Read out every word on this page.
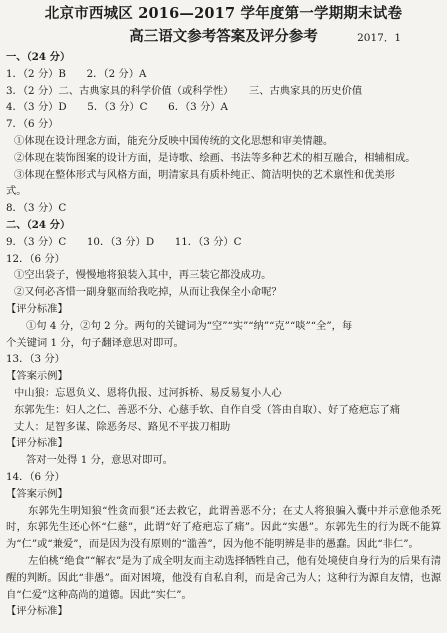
北京市西城区 2016—2017 学年度第一学期期末试卷
高三语文参考答案及评分参考	2017．1
一、（24 分）
1．（2 分）B　　2．（2 分）A
3．（2 分）二、古典家具的科学价值（或科学性）　　三、古典家具的历史价值
4．（3 分）D　　5．（3 分）C　　6．（3 分）A
7．（6 分）
①体现在设计理念方面，能充分反映中国传统的文化思想和审美情趣。
②体现在装饰图案的设计方面，是诗歌、绘画、书法等多种艺术的相互融合，相辅相成。
③体现在整体形式与风格方面，明清家具有质朴纯正、简洁明快的艺术禀性和优美形
式。
8．（3 分）C
二、（24 分）
9．（3 分）C　　10．（3 分）D　　11．（3 分）C
12．（6 分）
①空出袋子，慢慢地将狼装入其中，再三装它都没成功。
②又何必吝惜一副身躯而给我吃掉，从而让我保全小命呢？
【评分标准】
①句 4 分，②句 2 分。两句的关键词为“空”“实”“纳”“克”“啖”“全”，每
个关键词 1 分，句子翻译意思对即可。
13．（3 分）
【答案示例】
中山狼：忘恩负义、恩将仇报、过河拆桥、易反易复小人心
东郭先生：妇人之仁、善恶不分、心慈手软、自作自受（答由自取）、好了疮疤忘了痛
丈人：足智多谋、除恶务尽、路见不平拔刀相助
【评分标准】
答对一处得 1 分，意思对即可。
14．（6 分）
【答案示例】
东郭先生明知狼“性贪而狠”还去救它，此谓善恶不分；在丈人将狼骗入囊中并示意他杀死时，东郭先生还心怀“仁慈”，此谓“好了疮疤忘了痛”。因此“实愚”。东郭先生的行为既不能算为“仁”或“兼爱”，而是因为没有原则的“滥善”，因为他不能明辨是非的愚蠢。因此“非仁”。
左伯桃“绝食”“解衣”是为了成全明友而主动选择牺牲自己，他有处境使自身行为的后果有清醒的判断。因此“非愚”。面对困境，他没有自私自利，而是舍己为人；这种行为源自友情，也源自“仁爱”这种高尚的道德。因此“实仁”。
【评分标准】
